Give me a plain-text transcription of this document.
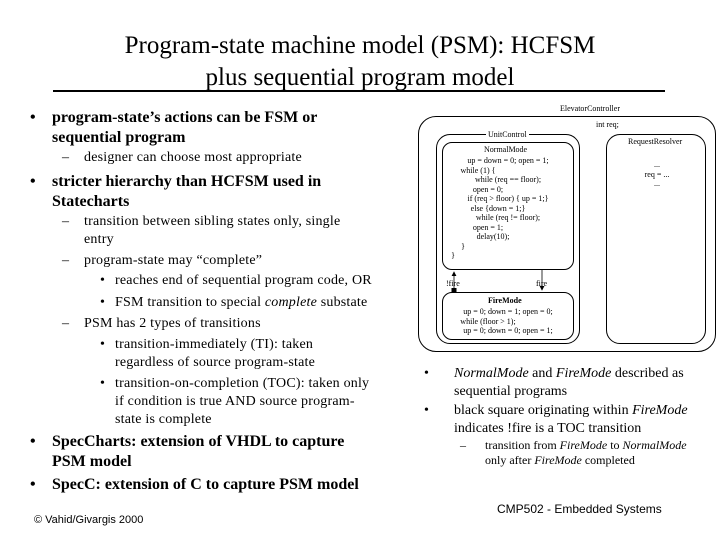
Program-state machine model (PSM): HCFSM
plus sequential program model
• program-state’s actions can be FSM or
sequential program
– designer can choose most appropriate
• stricter hierarchy than HCFSM used in
Statecharts
– transition between sibling states only, single
entry
– program-state may “complete”
• reaches end of sequential program code, OR
• FSM transition to special complete substate
– PSM has 2 types of transitions
• transition-immediately (TI): taken
regardless of source program-state
• transition-on-completion (TOC): taken only
if condition is true AND source program-
state is complete
• SpecCharts: extension of VHDL to capture
PSM model
• SpecC: extension of C to capture PSM model
• NormalMode and FireMode described as
sequential programs
• black square originating within FireMode
indicates !fire is a TOC transition
– transition from FireMode to NormalMode
only after FireMode completed
ElevatorController
int req;
UnitControl
RequestResolver
...
req = ...
...
NormalMode
up = down = 0; open = 1;
while (1) {
while (req == floor);
open = 0;
if (req > floor) { up = 1;}
else {down = 1;}
while (req != floor);
open = 1;
delay(10);
}
}
FireMode
up = 0; down = 1; open = 0;
while (floor > 1);
up = 0; down = 0; open = 1;
!fire	fire
© Vahid/Givargis 2000
CMP502 - Embedded Systems
